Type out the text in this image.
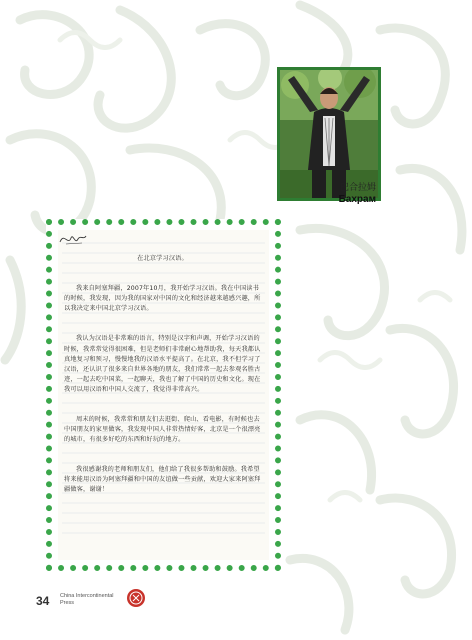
巴合拉姆
Бахрам

在北京学习汉语。

我来自阿塞拜疆，2007年10月，我开始学习汉语。我在中国读书的时候，我发现，因为我的国家对中国的文化和经济越来越感兴趣，所以我决定来中国北京学习汉语。

我认为汉语是非常难的语言，特别是汉字和声调，开始学习汉语的时候，我常常觉得很困难，但是老师们非常耐心地帮助我，每天我都认真地复习和预习，慢慢地我的汉语水平提高了。在北京，我不但学习了汉语，还认识了很多来自世界各地的朋友，我们常常一起去参观名胜古迹，一起去吃中国菜，一起聊天，我也了解了中国的历史和文化。现在我可以用汉语和中国人交流了，我觉得非常高兴。

周末的时候，我常常和朋友们去逛街、爬山、看电影，有时候也去中国朋友的家里做客，我发现中国人非常热情好客，北京是一个很漂亮的城市，有很多好吃的东西和好玩的地方。

我很感谢我的老师和朋友们，他们给了我很多帮助和鼓励。我希望将来能用汉语为阿塞拜疆和中国的友谊做一些贡献，欢迎大家来阿塞拜疆做客，谢谢！

34 China Intercontinental Press
